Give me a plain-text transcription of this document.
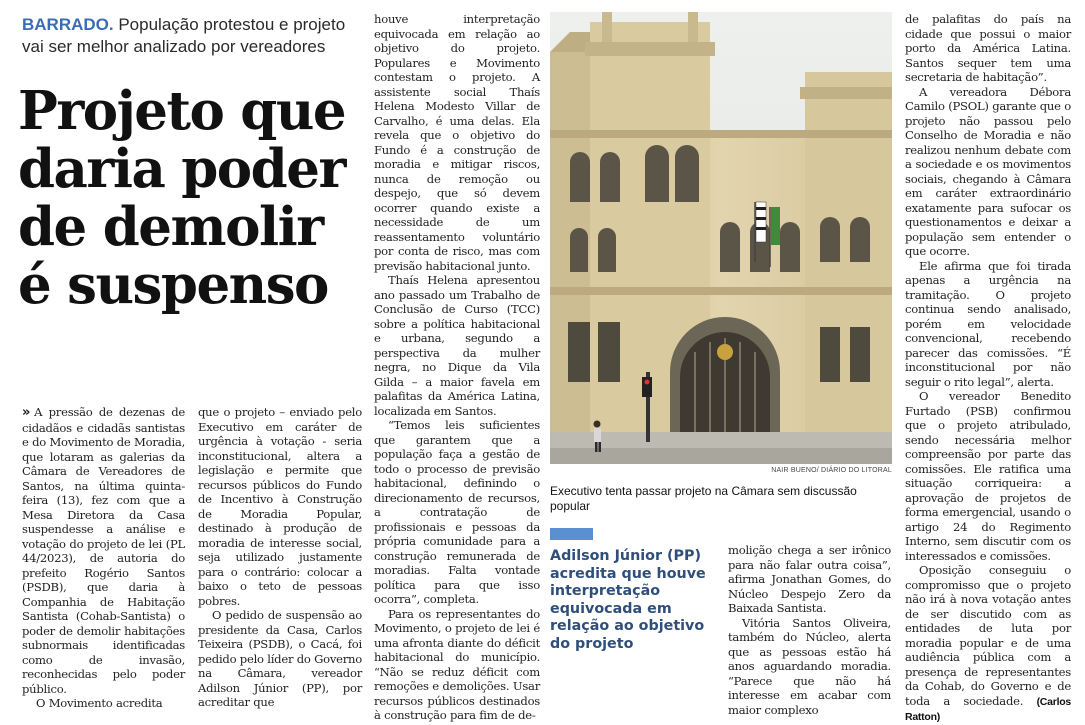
BARRADO. População protestou e projeto vai ser melhor analizado por vereadores
Projeto que daria poder de demolir é suspenso

» A pressão de dezenas de cidadãos e cidadãs santistas e do Movimento de Moradia, que lotaram as galerias da Câmara de Vereadores de Santos, na última quinta-feira (13), fez com que a Mesa Diretora da Casa suspendesse a análise e votação do projeto de lei (PL 44/2023), de autoria do prefeito Rogério Santos (PSDB), que daria à Companhia de Habitação Santista (Cohab-Santista) o poder de demolir habitações subnormais identificadas como de invasão, reconhecidas pelo poder público.

O Movimento acredita

que o projeto – enviado pelo Executivo em caráter de urgência à votação - seria inconstitucional, altera a legislação e permite que recursos públicos do Fundo de Incentivo à Construção de Moradia Popular, destinado à produção de moradia de interesse social, seja utilizado justamente para o contrário: colocar a baixo o teto de pessoas pobres.

O pedido de suspensão ao presidente da Casa, Carlos Teixeira (PSDB), o Cacá, foi pedido pelo líder do Governo na Câmara, vereador Adilson Júnior (PP), por acreditar que

houve interpretação equivocada em relação ao objetivo do projeto. Populares e Movimento contestam o projeto. A assistente social Thaís Helena Modesto Villar de Carvalho, é uma delas. Ela revela que o objetivo do Fundo é a construção de moradia e mitigar riscos, nunca de remoção ou despejo, que só devem ocorrer quando existe a necessidade de um reassentamento voluntário por conta de risco, mas com previsão habitacional junto.

Thaís Helena apresentou ano passado um Trabalho de Conclusão de Curso (TCC) sobre a política habitacional e urbana, segundo a perspectiva da mulher negra, no Dique da Vila Gilda – a maior favela em palafitas da América Latina, localizada em Santos.

“Temos leis suficientes que garantem que a população faça a gestão de todo o processo de previsão habitacional, definindo o direcionamento de recursos, a contratação de profissionais e pessoas da própria comunidade para a construção remunerada de moradias. Falta vontade política para que isso ocorra”, completa.

Para os representantes do Movimento, o projeto de lei é uma afronta diante do déficit habitacional do município. “Não se reduz déficit com remoções e demolições. Usar recursos públicos destinados à construção para fim de de-

NAIR BUENO/ DIÁRIO DO LITORAL
Executivo tenta passar projeto na Câmara sem discussão popular
Adilson Júnior (PP) acredita que houve interpretação equivocada em relação ao objetivo do projeto

molição chega a ser irônico para não falar outra coisa”, afirma Jonathan Gomes, do Núcleo Despejo Zero da Baixada Santista.

Vitória Santos Oliveira, também do Núcleo, alerta que as pessoas estão há anos aguardando moradia. “Parece que não há interesse em acabar com maior complexo

de palafitas do país na cidade que possui o maior porto da América Latina. Santos sequer tem uma secretaria de habitação”.

A vereadora Débora Camilo (PSOL) garante que o projeto não passou pelo Conselho de Moradia e não realizou nenhum debate com a sociedade e os movimentos sociais, chegando à Câmara em caráter extraordinário exatamente para sufocar os questionamentos e deixar a população sem entender o que ocorre.

Ele afirma que foi tirada apenas a urgência na tramitação. O projeto continua sendo analisado, porém em velocidade convencional, recebendo parecer das comissões. “É inconstitucional por não seguir o rito legal”, alerta.

O vereador Benedito Furtado (PSB) confirmou que o projeto atribulado, sendo necessária melhor compreensão por parte das comissões. Ele ratifica uma situação corriqueira: a aprovação de projetos de forma emergencial, usando o artigo 24 do Regimento Interno, sem discutir com os interessados e comissões.

Oposição conseguiu o compromisso que o projeto não irá à nova votação antes de ser discutido com as entidades de luta por moradia popular e de uma audiência pública com a presença de representantes da Cohab, do Governo e de toda a sociedade. (Carlos Ratton)
